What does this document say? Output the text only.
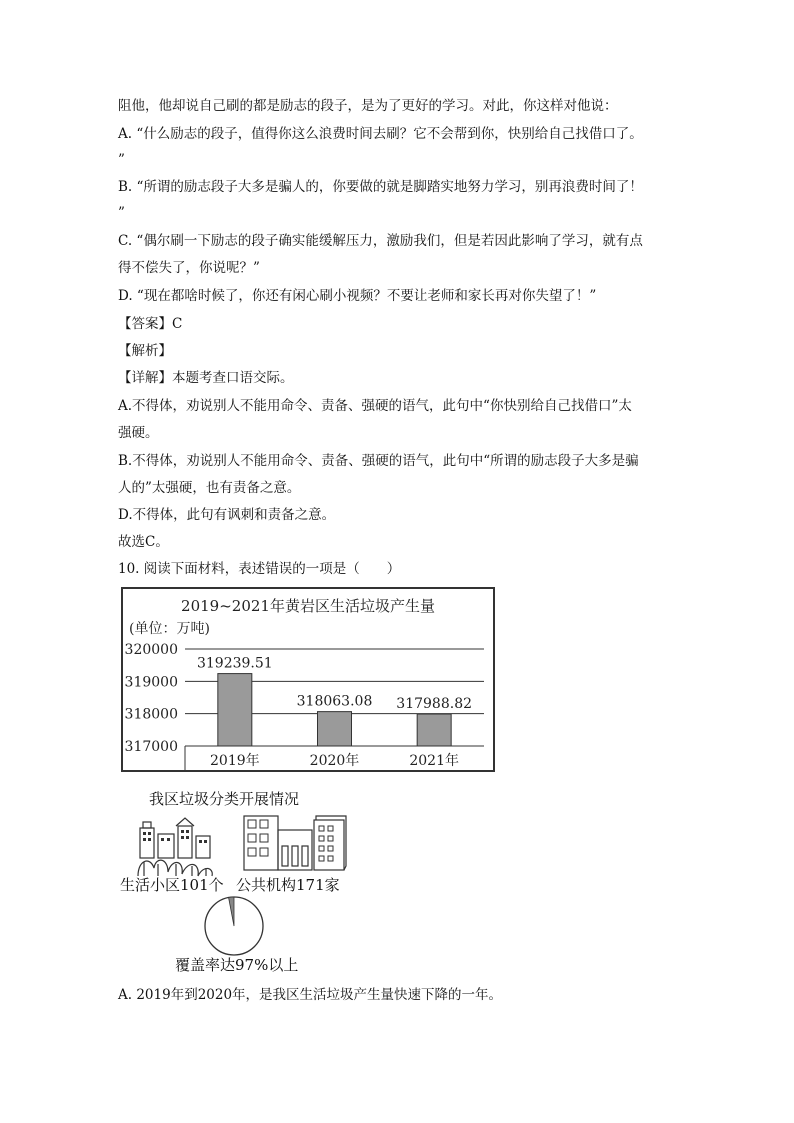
阻他，他却说自己刷的都是励志的段子，是为了更好的学习。对此，你这样对他说：

A. “什么励志的段子，值得你这么浪费时间去刷？它不会帮到你，快别给自己找借口了。

”

B. “所谓的励志段子大多是骗人的，你要做的就是脚踏实地努力学习，别再浪费时间了！

”

C. “偶尔刷一下励志的段子确实能缓解压力，激励我们，但是若因此影响了学习，就有点

得不偿失了，你说呢？”

D. “现在都啥时候了，你还有闲心刷小视频？不要让老师和家长再对你失望了！”

【答案】C

【解析】

【详解】本题考查口语交际。

A.不得体，劝说别人不能用命令、责备、强硬的语气，此句中“你快别给自己找借口”太

强硬。

B.不得体，劝说别人不能用命令、责备、强硬的语气，此句中“所谓的励志段子大多是骗

人的”太强硬，也有责备之意。

D.不得体，此句有讽刺和责备之意。

故选C。

10. 阅读下面材料，表述错误的一项是（　　）

2019~2021年黄岩区生活垃圾产生量
(单位：万吨)
320000
319000
318000
317000
319239.51
318063.08 317988.82
2019年	2020年	2021年
我区垃圾分类开展情况
生活小区101个 公共机构171家
覆盖率达97%以上

A. 2019年到2020年，是我区生活垃圾产生量快速下降的一年。
